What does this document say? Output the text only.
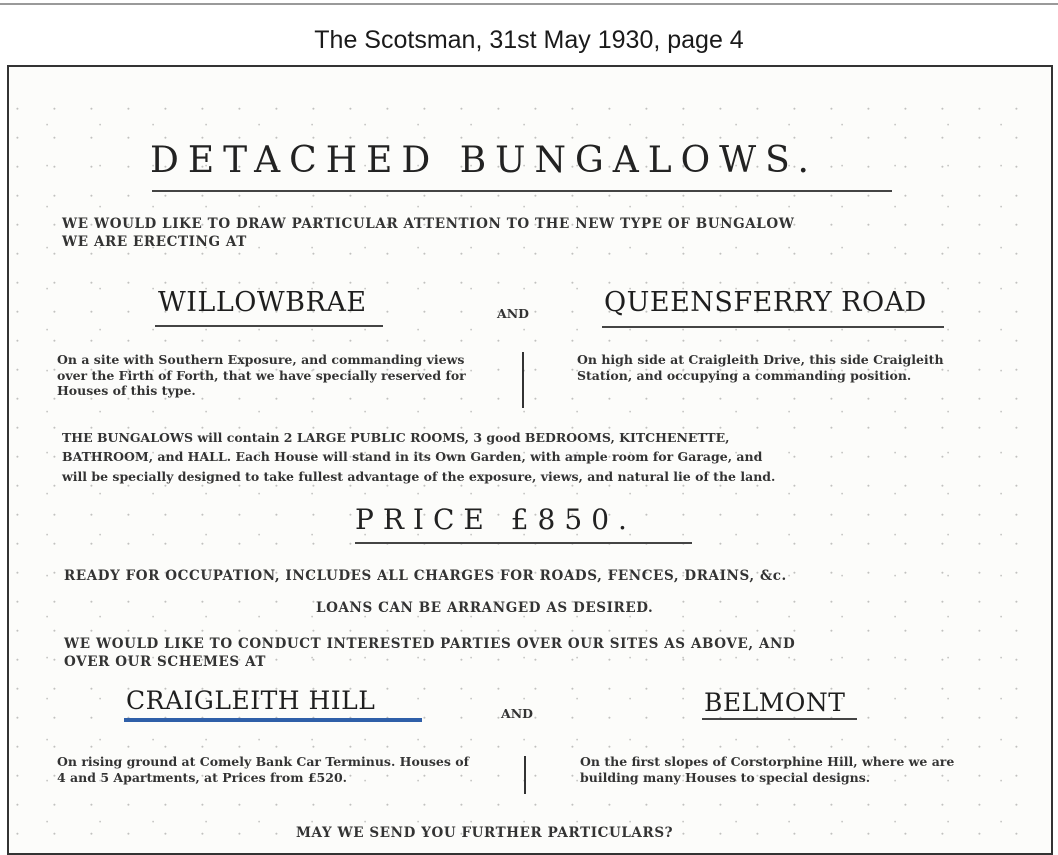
The Scotsman, 31st May 1930, page 4
DETACHED BUNGALOWS.
WE WOULD LIKE TO DRAW PARTICULAR ATTENTION TO THE NEW TYPE OF BUNGALOW
WE ARE ERECTING AT
WILLOWBRAE	AND	QUEENSFERRY ROAD
On a site with Southern Exposure, and commanding views over the Firth of Forth, that we have specially reserved for Houses of this type.
On high side at Craigleith Drive, this side Craigleith Station, and occupying a commanding position.
THE BUNGALOWS will contain 2 LARGE PUBLIC ROOMS, 3 good BEDROOMS, KITCHENETTE,
BATHROOM, and HALL. Each House will stand in its Own Garden, with ample room for Garage, and
will be specially designed to take fullest advantage of the exposure, views, and natural lie of the land.
PRICE £850.
READY FOR OCCUPATION, INCLUDES ALL CHARGES FOR ROADS, FENCES, DRAINS, &c.
LOANS CAN BE ARRANGED AS DESIRED.
WE WOULD LIKE TO CONDUCT INTERESTED PARTIES OVER OUR SITES AS ABOVE, AND
OVER OUR SCHEMES AT
CRAIGLEITH HILL	AND	BELMONT
On rising ground at Comely Bank Car Terminus. Houses of 4 and 5 Apartments, at Prices from £520.
On the first slopes of Corstorphine Hill, where we are building many Houses to special designs.
MAY WE SEND YOU FURTHER PARTICULARS?
